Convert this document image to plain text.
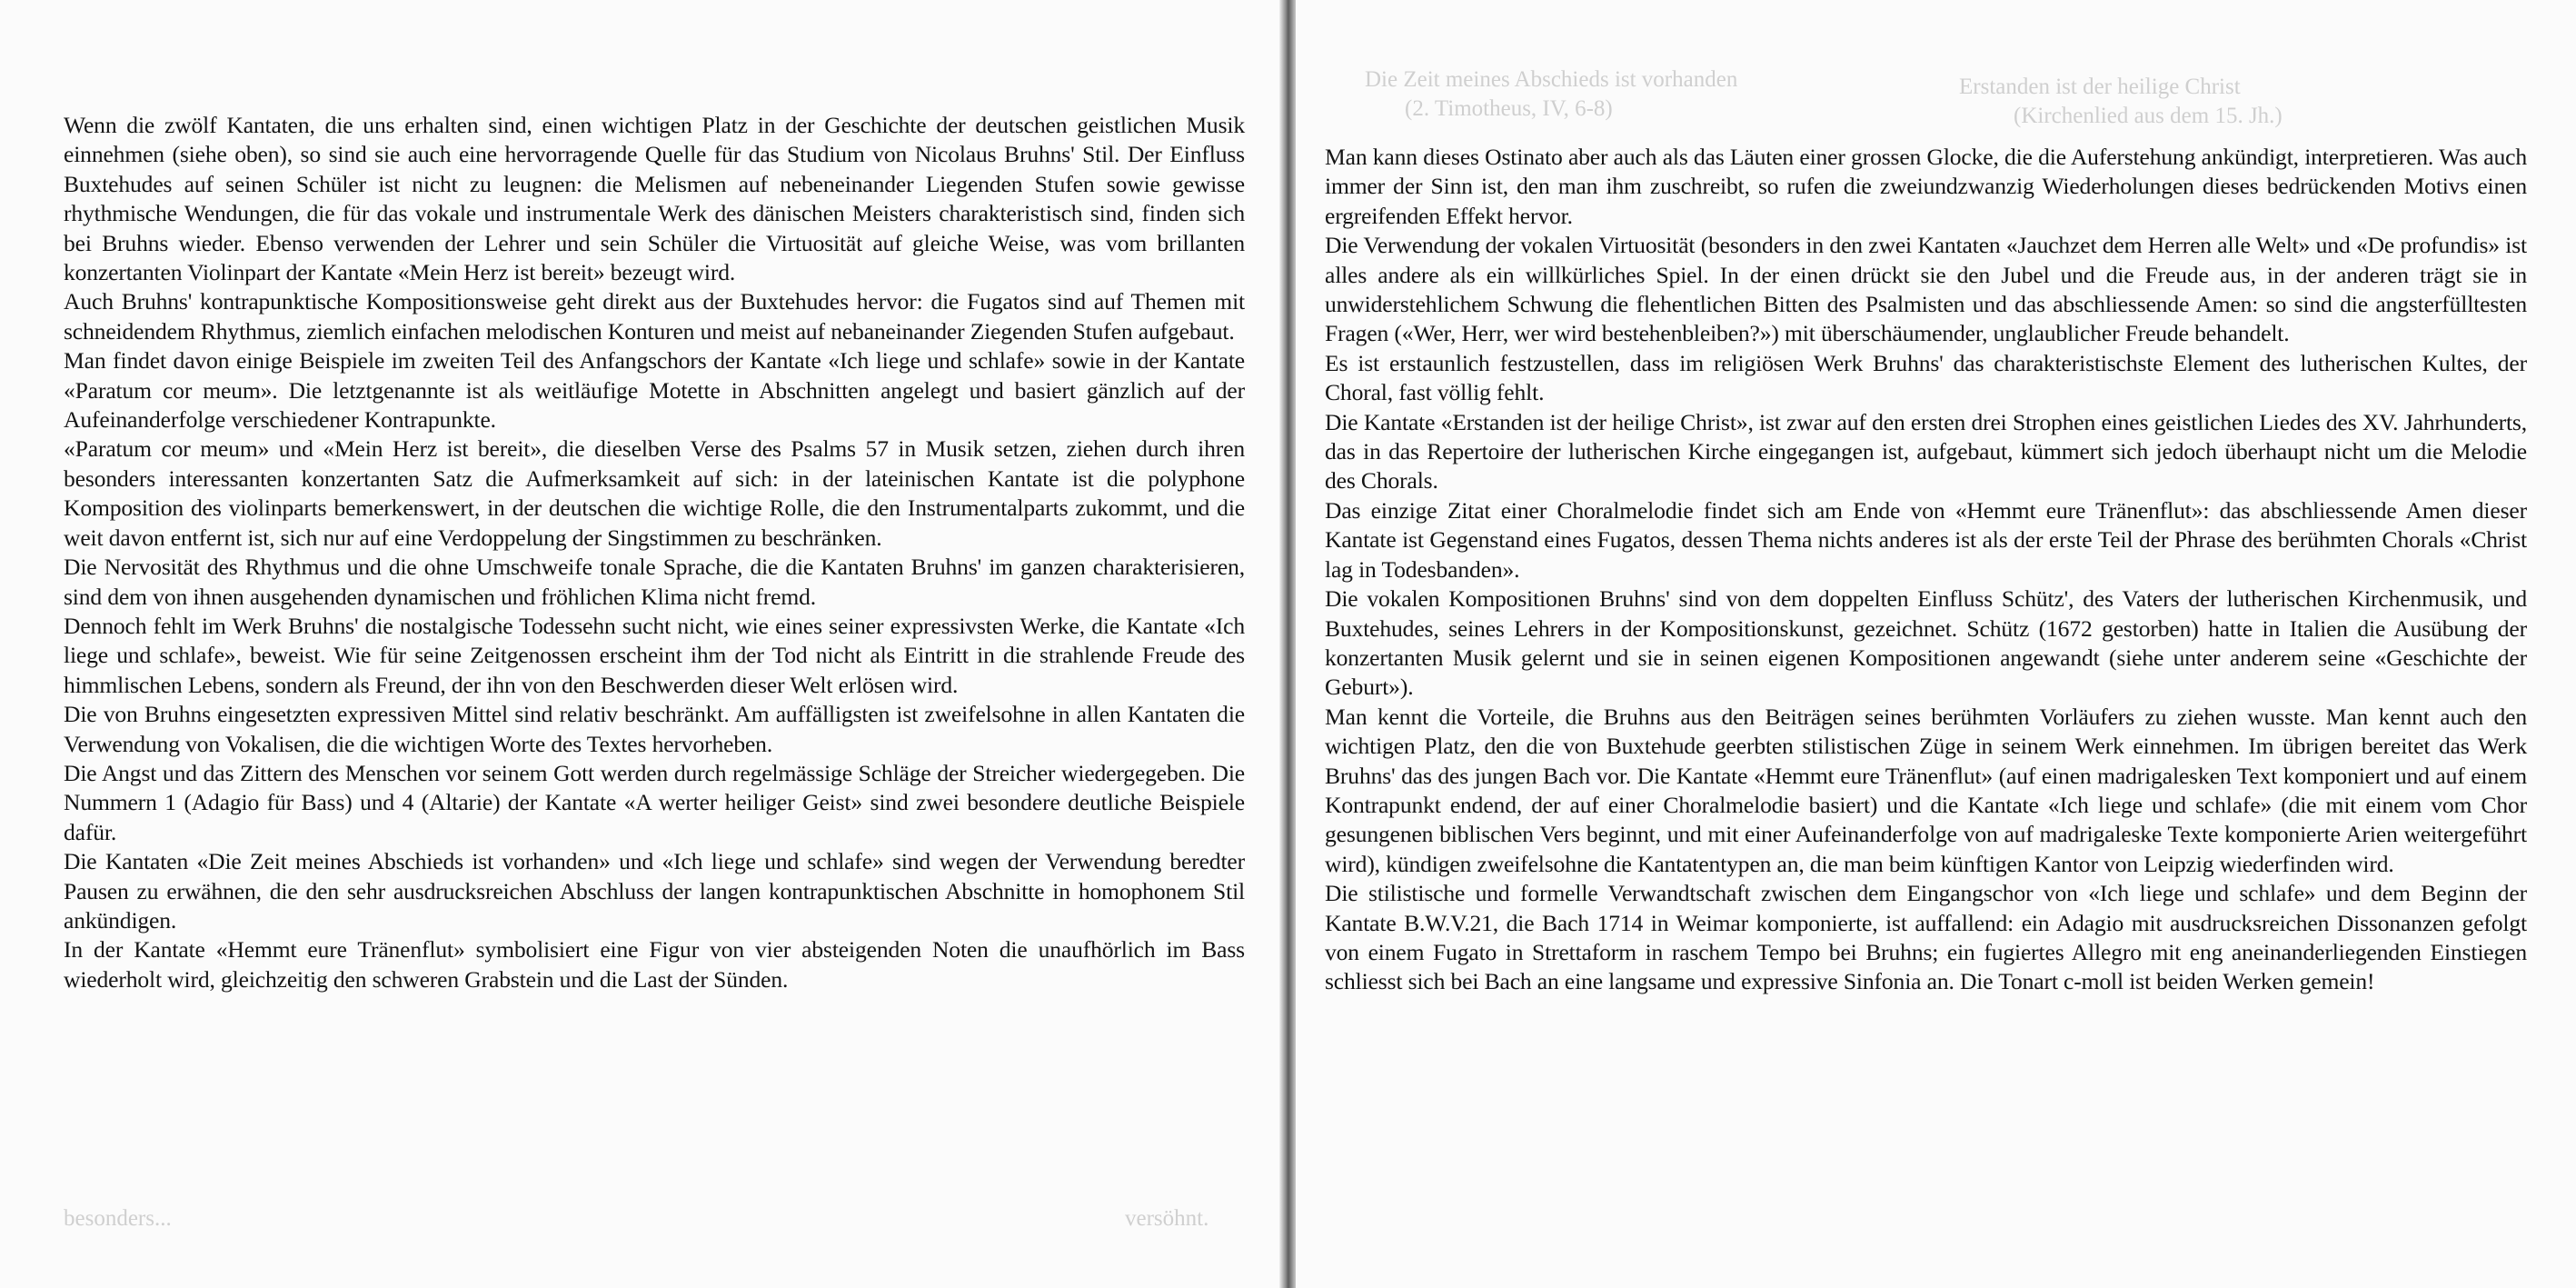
besonders...	versöhnt.

Wenn die zwölf Kantaten, die uns erhalten sind, einen wichtigen Platz in der Geschichte der deutschen geistlichen Musik einnehmen (siehe oben), so sind sie auch eine hervorragende Quelle für das Studium von Nicolaus Bruhns' Stil. Der Einfluss Buxtehudes auf seinen Schüler ist nicht zu leugnen: die Melismen auf nebeneinander Liegenden Stufen sowie gewisse rhythmische Wendungen, die für das vokale und instrumentale Werk des dänischen Meisters charakteristisch sind, finden sich bei Bruhns wieder. Ebenso verwenden der Lehrer und sein Schüler die Virtuosität auf gleiche Weise, was vom brillanten konzertanten Violinpart der Kantate «Mein Herz ist bereit» bezeugt wird.

Auch Bruhns' kontrapunktische Kompositionsweise geht direkt aus der Buxtehudes hervor: die Fugatos sind auf Themen mit schneidendem Rhythmus, ziemlich einfachen melodischen Konturen und meist auf nebaneinander Ziegenden Stufen aufgebaut.

Man findet davon einige Beispiele im zweiten Teil des Anfangschors der Kantate «Ich liege und schlafe» sowie in der Kantate «Paratum cor meum». Die letztgenannte ist als weitläufige Motette in Abschnitten angelegt und basiert gänzlich auf der Aufeinanderfolge verschiedener Kontrapunkte.

«Paratum cor meum» und «Mein Herz ist bereit», die dieselben Verse des Psalms 57 in Musik setzen, ziehen durch ihren besonders interessanten konzertanten Satz die Aufmerksamkeit auf sich: in der lateinischen Kantate ist die polyphone Komposition des violinparts bemerkenswert, in der deutschen die wichtige Rolle, die den Instrumentalparts zukommt, und die weit davon entfernt ist, sich nur auf eine Verdoppelung der Singstimmen zu beschränken.

Die Nervosität des Rhythmus und die ohne Umschweife tonale Sprache, die die Kantaten Bruhns' im ganzen charakterisieren, sind dem von ihnen ausgehenden dynamischen und fröhlichen Klima nicht fremd.

Dennoch fehlt im Werk Bruhns' die nostalgische Todessehn sucht nicht, wie eines seiner expressivsten Werke, die Kantate «Ich liege und schlafe», beweist. Wie für seine Zeitgenossen erscheint ihm der Tod nicht als Eintritt in die strahlende Freude des himmlischen Lebens, sondern als Freund, der ihn von den Beschwerden dieser Welt erlösen wird.

Die von Bruhns eingesetzten expressiven Mittel sind relativ beschränkt. Am auffälligsten ist zweifelsohne in allen Kantaten die Verwendung von Vokalisen, die die wichtigen Worte des Textes hervorheben.

Die Angst und das Zittern des Menschen vor seinem Gott werden durch regelmässige Schläge der Streicher wiedergegeben. Die Nummern 1 (Adagio für Bass) und 4 (Altarie) der Kantate «A werter heiliger Geist» sind zwei besondere deutliche Beispiele dafür.

Die Kantaten «Die Zeit meines Abschieds ist vorhanden» und «Ich liege und schlafe» sind wegen der Verwendung beredter Pausen zu erwähnen, die den sehr ausdrucksreichen Abschluss der langen kontrapunktischen Abschnitte in homophonem Stil ankündigen.

In der Kantate «Hemmt eure Tränenflut» symbolisiert eine Figur von vier absteigenden Noten die unaufhörlich im Bass wiederholt wird, gleichzeitig den schweren Grabstein und die Last der Sünden.

Die Zeit meines Abschieds ist vorhanden
(2. Timotheus, IV, 6-8)
Erstanden ist der heilige Christ
(Kirchenlied aus dem 15. Jh.)

Man kann dieses Ostinato aber auch als das Läuten einer grossen Glocke, die die Auferstehung ankündigt, interpretieren. Was auch immer der Sinn ist, den man ihm zuschreibt, so rufen die zweiundzwanzig Wiederholungen dieses bedrückenden Motivs einen ergreifenden Effekt hervor.

Die Verwendung der vokalen Virtuosität (besonders in den zwei Kantaten «Jauchzet dem Herren alle Welt» und «De profundis» ist alles andere als ein willkürliches Spiel. In der einen drückt sie den Jubel und die Freude aus, in der anderen trägt sie in unwiderstehlichem Schwung die flehentlichen Bitten des Psalmisten und das abschliessende Amen: so sind die angsterfülltesten Fragen («Wer, Herr, wer wird bestehenbleiben?») mit überschäumender, unglaublicher Freude behandelt.

Es ist erstaunlich festzustellen, dass im religiösen Werk Bruhns' das charakteristischste Element des lutherischen Kultes, der Choral, fast völlig fehlt.

Die Kantate «Erstanden ist der heilige Christ», ist zwar auf den ersten drei Strophen eines geistlichen Liedes des XV. Jahrhunderts, das in das Repertoire der lutherischen Kirche eingegangen ist, aufgebaut, kümmert sich jedoch überhaupt nicht um die Melodie des Chorals.

Das einzige Zitat einer Choralmelodie findet sich am Ende von «Hemmt eure Tränenflut»: das abschliessende Amen dieser Kantate ist Gegenstand eines Fugatos, dessen Thema nichts anderes ist als der erste Teil der Phrase des berühmten Chorals «Christ lag in Todesbanden».

Die vokalen Kompositionen Bruhns' sind von dem doppelten Einfluss Schütz', des Vaters der lutherischen Kirchenmusik, und Buxtehudes, seines Lehrers in der Kompositionskunst, gezeichnet. Schütz (1672 gestorben) hatte in Italien die Ausübung der konzertanten Musik gelernt und sie in seinen eigenen Kompositionen angewandt (siehe unter anderem seine «Geschichte der Geburt»).

Man kennt die Vorteile, die Bruhns aus den Beiträgen seines berühmten Vorläufers zu ziehen wusste. Man kennt auch den wichtigen Platz, den die von Buxtehude geerbten stilistischen Züge in seinem Werk einnehmen. Im übrigen bereitet das Werk Bruhns' das des jungen Bach vor. Die Kantate «Hemmt eure Tränenflut» (auf einen madrigalesken Text komponiert und auf einem Kontrapunkt endend, der auf einer Choralmelodie basiert) und die Kantate «Ich liege und schlafe» (die mit einem vom Chor gesungenen biblischen Vers beginnt, und mit einer Aufeinanderfolge von auf madrigaleske Texte komponierte Arien weitergeführt wird), kündigen zweifelsohne die Kantatentypen an, die man beim künftigen Kantor von Leipzig wiederfinden wird.

Die stilistische und formelle Verwandtschaft zwischen dem Eingangschor von «Ich liege und schlafe» und dem Beginn der Kantate B.W.V.21, die Bach 1714 in Weimar komponierte, ist auffallend: ein Adagio mit ausdrucksreichen Dissonanzen gefolgt von einem Fugato in Strettaform in raschem Tempo bei Bruhns; ein fugiertes Allegro mit eng aneinanderliegenden Einstiegen schliesst sich bei Bach an eine langsame und expressive Sinfonia an. Die Tonart c-moll ist beiden Werken gemein!
